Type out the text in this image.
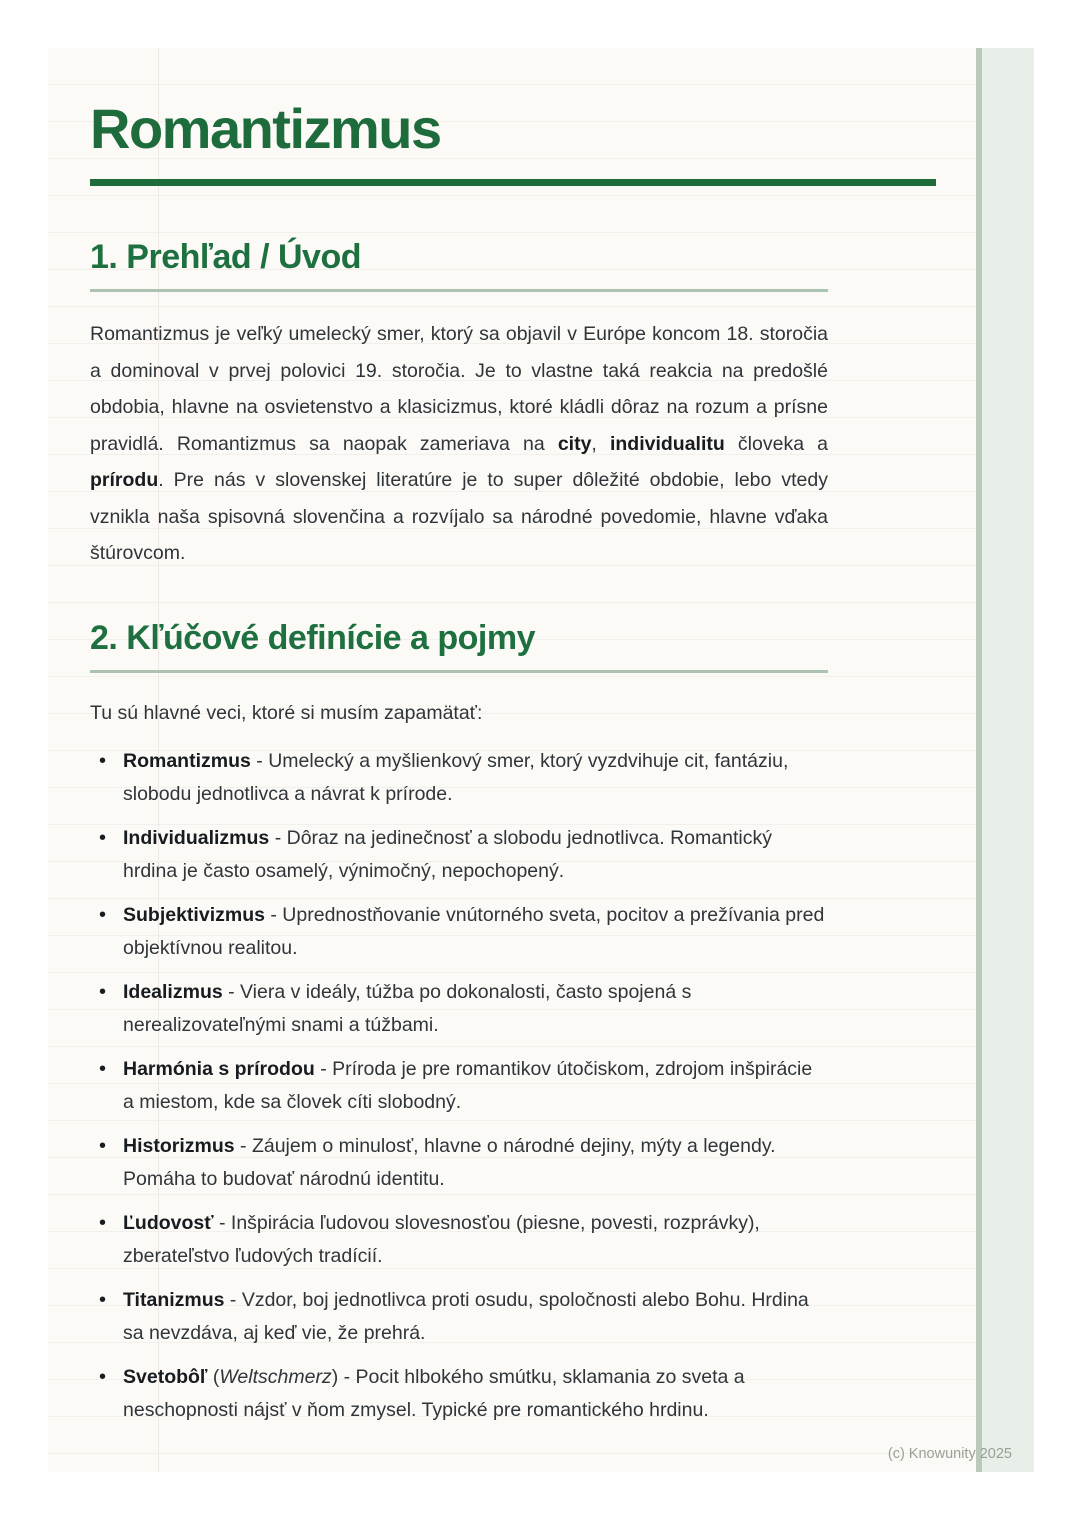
Romantizmus
1. Prehľad / Úvod

Romantizmus je veľký umelecký smer, ktorý sa objavil v Európe koncom 18. storočia a dominoval v prvej polovici 19. storočia. Je to vlastne taká reakcia na predošlé obdobia, hlavne na osvietenstvo a klasicizmus, ktoré kládli dôraz na rozum a prísne pravidlá. Romantizmus sa naopak zameriava na city, individualitu človeka a prírodu. Pre nás v slovenskej literatúre je to super dôležité obdobie, lebo vtedy vznikla naša spisovná slovenčina a rozvíjalo sa národné povedomie, hlavne vďaka štúrovcom.

2. Kľúčové definície a pojmy

Tu sú hlavné veci, ktoré si musím zapamätať:

• Romantizmus - Umelecký a myšlienkový smer, ktorý vyzdvihuje cit, fantáziu, slobodu jednotlivca a návrat k prírode.
• Individualizmus - Dôraz na jedinečnosť a slobodu jednotlivca. Romantický hrdina je často osamelý, výnimočný, nepochopený.
• Subjektivizmus - Uprednostňovanie vnútorného sveta, pocitov a prežívania pred objektívnou realitou.
• Idealizmus - Viera v ideály, túžba po dokonalosti, často spojená s nerealizovateľnými snami a túžbami.
• Harmónia s prírodou - Príroda je pre romantikov útočiskom, zdrojom inšpirácie a miestom, kde sa človek cíti slobodný.
• Historizmus - Záujem o minulosť, hlavne o národné dejiny, mýty a legendy. Pomáha to budovať národnú identitu.
• Ľudovosť - Inšpirácia ľudovou slovesnosťou (piesne, povesti, rozprávky), zberateľstvo ľudových tradícií.
• Titanizmus - Vzdor, boj jednotlivca proti osudu, spoločnosti alebo Bohu. Hrdina sa nevzdáva, aj keď vie, že prehrá.
• Svetobôľ (Weltschmerz) - Pocit hlbokého smútku, sklamania zo sveta a neschopnosti nájsť v ňom zmysel. Typické pre romantického hrdinu.
(c) Knowunity 2025
